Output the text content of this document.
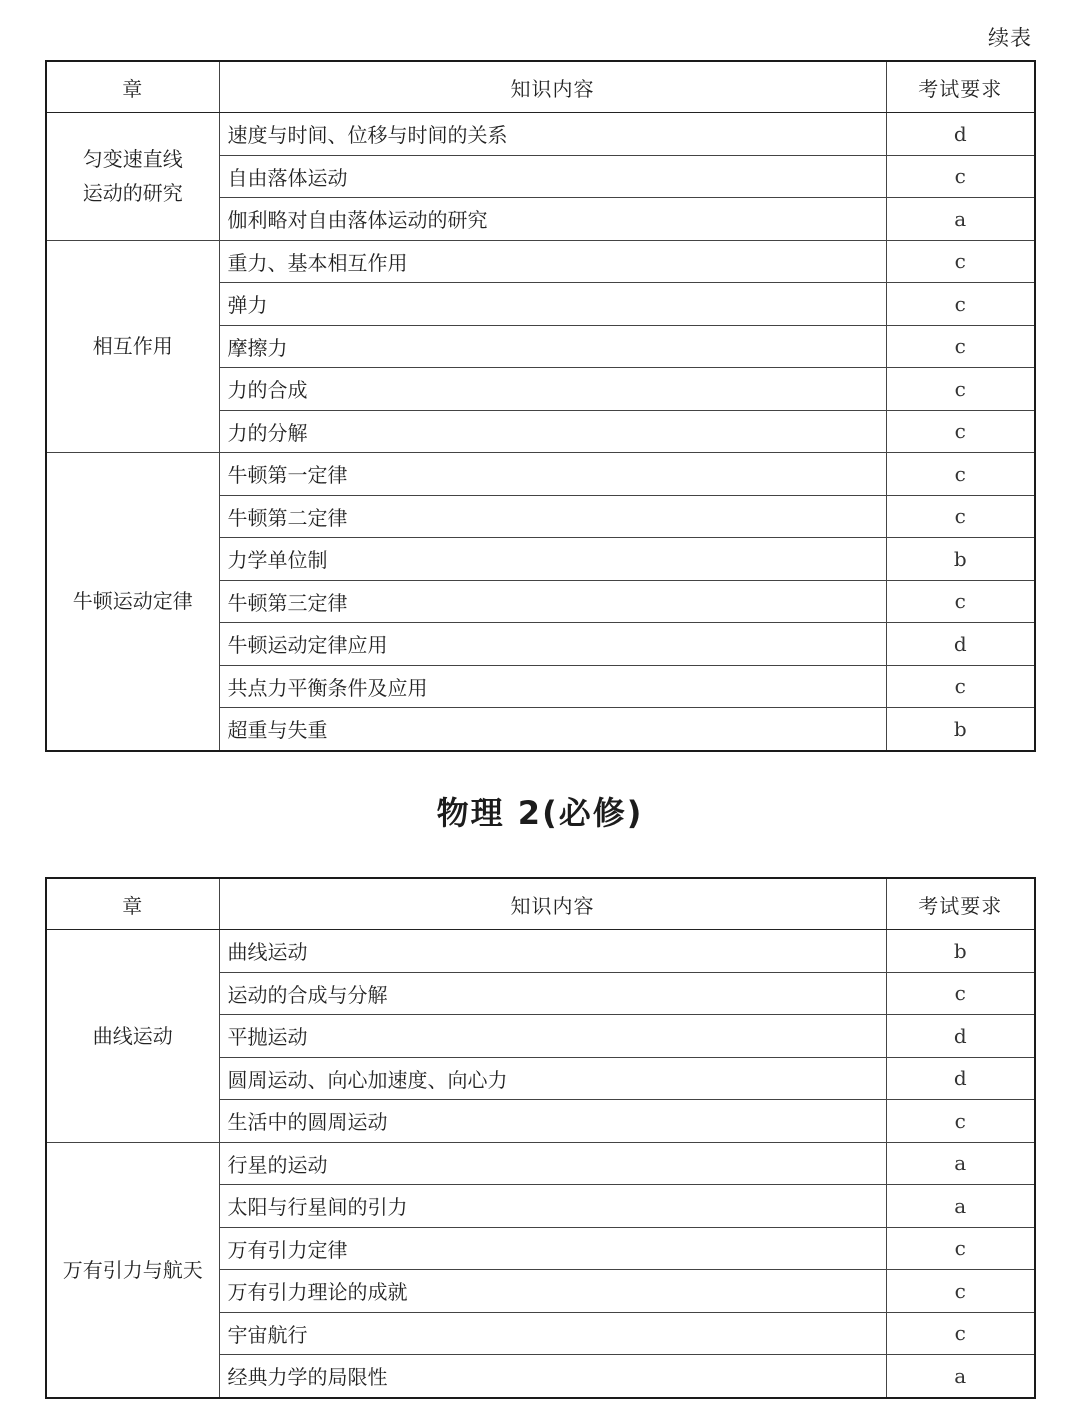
续表
章	知识内容	考试要求

匀变速直线
运动的研究	速度与时间、位移与时间的关系	d
	自由落体运动	c
	伽利略对自由落体运动的研究	a

相互作用	重力、基本相互作用	c
	弹力	c
	摩擦力	c
	力的合成	c
	力的分解	c

牛顿运动定律	牛顿第一定律	c
	牛顿第二定律	c
	力学单位制	b
	牛顿第三定律	c
	牛顿运动定律应用	d
	共点力平衡条件及应用	c
	超重与失重	b
物理 2(必修)
章	知识内容	考试要求

曲线运动	曲线运动	b
	运动的合成与分解	c
	平抛运动	d
	圆周运动、向心加速度、向心力	d
	生活中的圆周运动	c

万有引力与航天	行星的运动	a
	太阳与行星间的引力	a
	万有引力定律	c
	万有引力理论的成就	c
	宇宙航行	c
	经典力学的局限性	a
